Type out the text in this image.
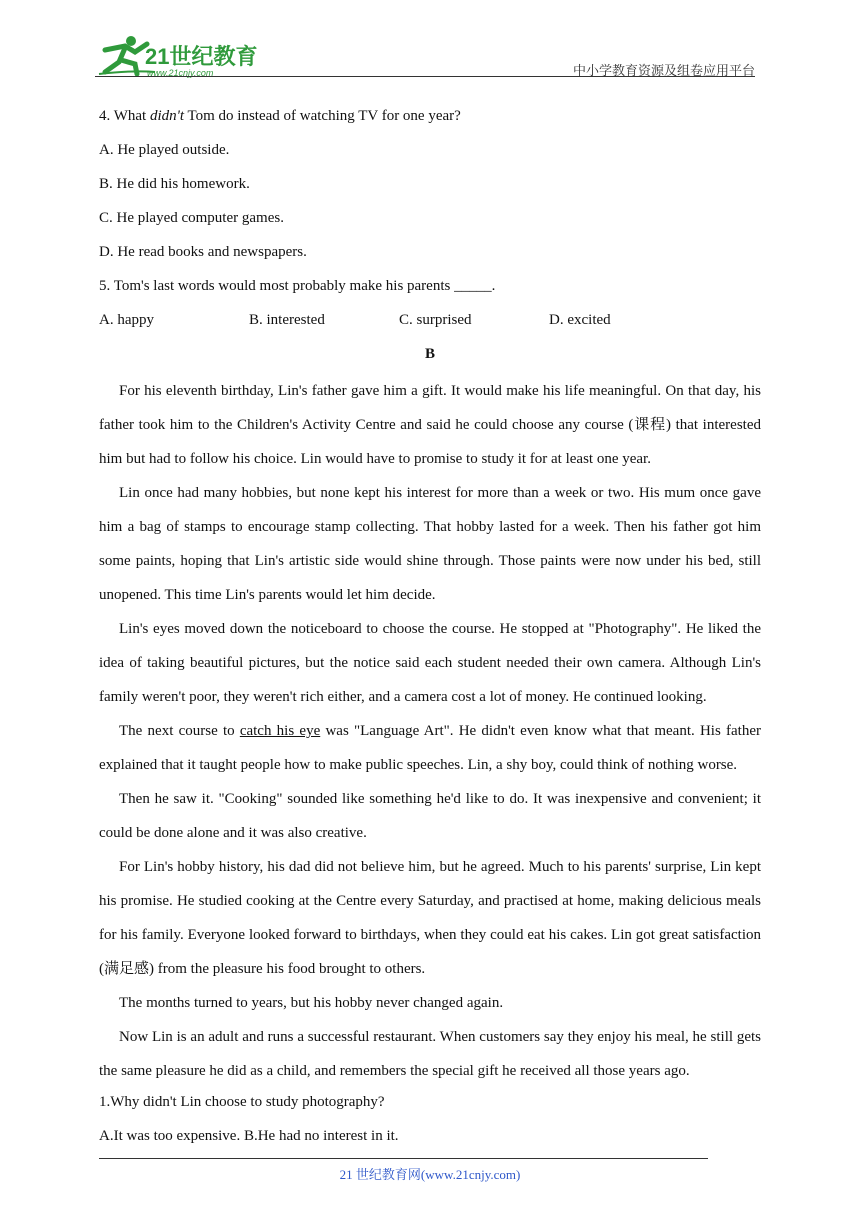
21世纪教育
www.21cnjy.com	中小学教育资源及组卷应用平台
4. What didn't Tom do instead of watching TV for one year?
A. He played outside.
B. He did his homework.
C. He played computer games.
D. He read books and newspapers.
5. Tom's last words would most probably make his parents _____.
A. happy	B. interested	C. surprised	D. excited
B

For his eleventh birthday, Lin's father gave him a gift. It would make his life meaningful. On that day, his father took him to the Children's Activity Centre and said he could choose any course (课程) that interested him but had to follow his choice. Lin would have to promise to study it for at least one year.

Lin once had many hobbies, but none kept his interest for more than a week or two. His mum once gave him a bag of stamps to encourage stamp collecting. That hobby lasted for a week. Then his father got him some paints, hoping that Lin's artistic side would shine through. Those paints were now under his bed, still unopened. This time Lin's parents would let him decide.

Lin's eyes moved down the noticeboard to choose the course. He stopped at "Photography". He liked the idea of taking beautiful pictures, but the notice said each student needed their own camera. Although Lin's family weren't poor, they weren't rich either, and a camera cost a lot of money. He continued looking.

The next course to catch his eye was "Language Art". He didn't even know what that meant. His father explained that it taught people how to make public speeches. Lin, a shy boy, could think of nothing worse.

Then he saw it. "Cooking" sounded like something he'd like to do. It was inexpensive and convenient; it could be done alone and it was also creative.

For Lin's hobby history, his dad did not believe him, but he agreed. Much to his parents' surprise, Lin kept his promise. He studied cooking at the Centre every Saturday, and practised at home, making delicious meals for his family. Everyone looked forward to birthdays, when they could eat his cakes. Lin got great satisfaction (满足感) from the pleasure his food brought to others.

The months turned to years, but his hobby never changed again.

Now Lin is an adult and runs a successful restaurant. When customers say they enjoy his meal, he still gets the same pleasure he did as a child, and remembers the special gift he received all those years ago.

1.Why didn't Lin choose to study photography?
A.It was too expensive. B.He had no interest in it.
21 世纪教育网(www.21cnjy.com)
